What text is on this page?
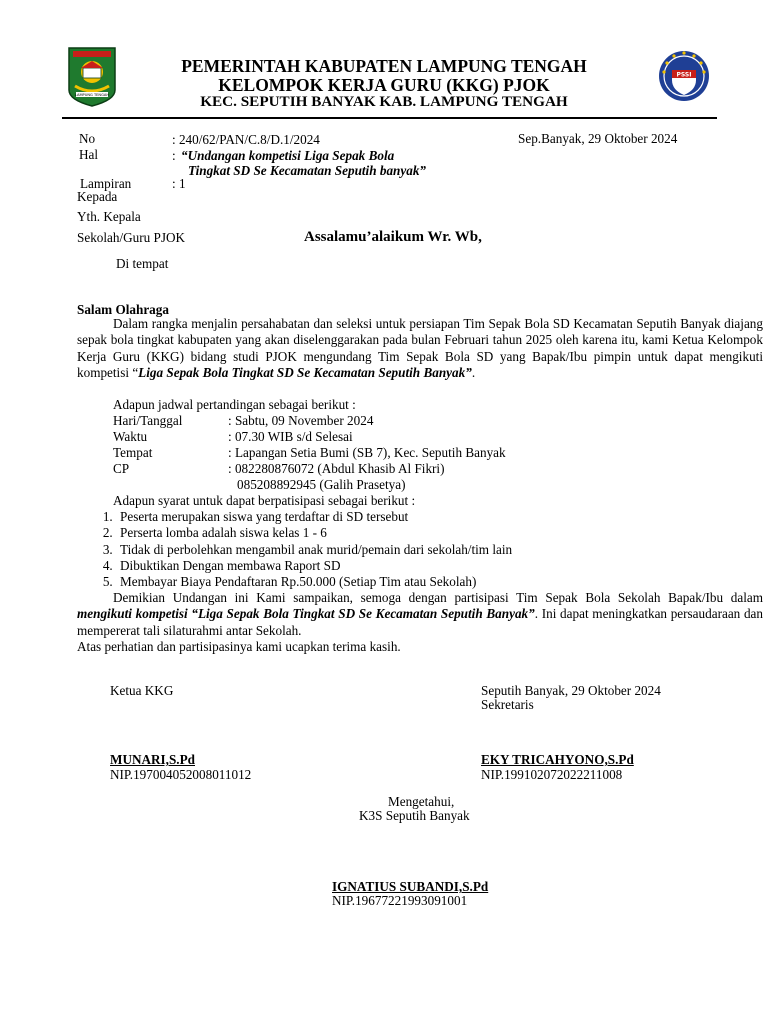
LAMPUNG TENGAH
PSSI
PEMERINTAH KABUPATEN LAMPUNG TENGAH
KELOMPOK KERJA GURU (KKG) PJOK
KEC. SEPUTIH BANYAK KAB. LAMPUNG TENGAH
No	: 240/62/PAN/C.8/D.1/2024	Sep.Banyak, 29 Oktober 2024
Hal	: “Undangan kompetisi Liga Sepak Bola
Tingkat SD Se Kecamatan Seputih banyak”
Lampiran	: 1
Kepada
Yth. Kepala
Sekolah/Guru PJOK	Assalamu’alaikum Wr. Wb,
Di tempat
Salam Olahraga
Dalam rangka menjalin persahabatan dan seleksi untuk persiapan Tim Sepak Bola SD Kecamatan Seputih Banyak diajang sepak bola tingkat kabupaten yang akan diselenggarakan pada bulan Februari tahun 2025 oleh karena itu, kami Ketua Kelompok Kerja Guru (KKG) bidang studi PJOK mengundang Tim Sepak Bola SD yang Bapak/Ibu pimpin untuk dapat mengikuti kompetisi “Liga Sepak Bola Tingkat SD Se Kecamatan Seputih Banyak”.
Adapun jadwal pertandingan sebagai berikut :
Hari/Tanggal	: Sabtu, 09 November 2024
Waktu	: 07.30 WIB s/d Selesai
Tempat	: Lapangan Setia Bumi (SB 7), Kec. Seputih Banyak
CP	: 082280876072 (Abdul Khasib Al Fikri)
085208892945 (Galih Prasetya)
Adapun syarat untuk dapat berpatisipasi sebagai berikut :
1. Peserta merupakan siswa yang terdaftar di SD tersebut
2. Perserta lomba adalah siswa kelas 1 - 6
3. Tidak di perbolehkan mengambil anak murid/pemain dari sekolah/tim lain
4. Dibuktikan Dengan membawa Raport SD
5. Membayar Biaya Pendaftaran Rp.50.000 (Setiap Tim atau Sekolah)
Demikian Undangan ini Kami sampaikan, semoga dengan partisipasi Tim Sepak Bola Sekolah Bapak/Ibu dalam mengikuti kompetisi “Liga Sepak Bola Tingkat SD Se Kecamatan Seputih Banyak”. Ini dapat meningkatkan persaudaraan dan mempererat tali silaturahmi antar Sekolah.
Atas perhatian dan partisipasinya kami ucapkan terima kasih.
Ketua KKG	Seputih Banyak, 29 Oktober 2024
Sekretaris
MUNARI,S.Pd
NIP.197004052008011012
EKY TRICAHYONO,S.Pd
NIP.199102072022211008
Mengetahui,
K3S Seputih Banyak
IGNATIUS SUBANDI,S.Pd
NIP.19677221993091001
